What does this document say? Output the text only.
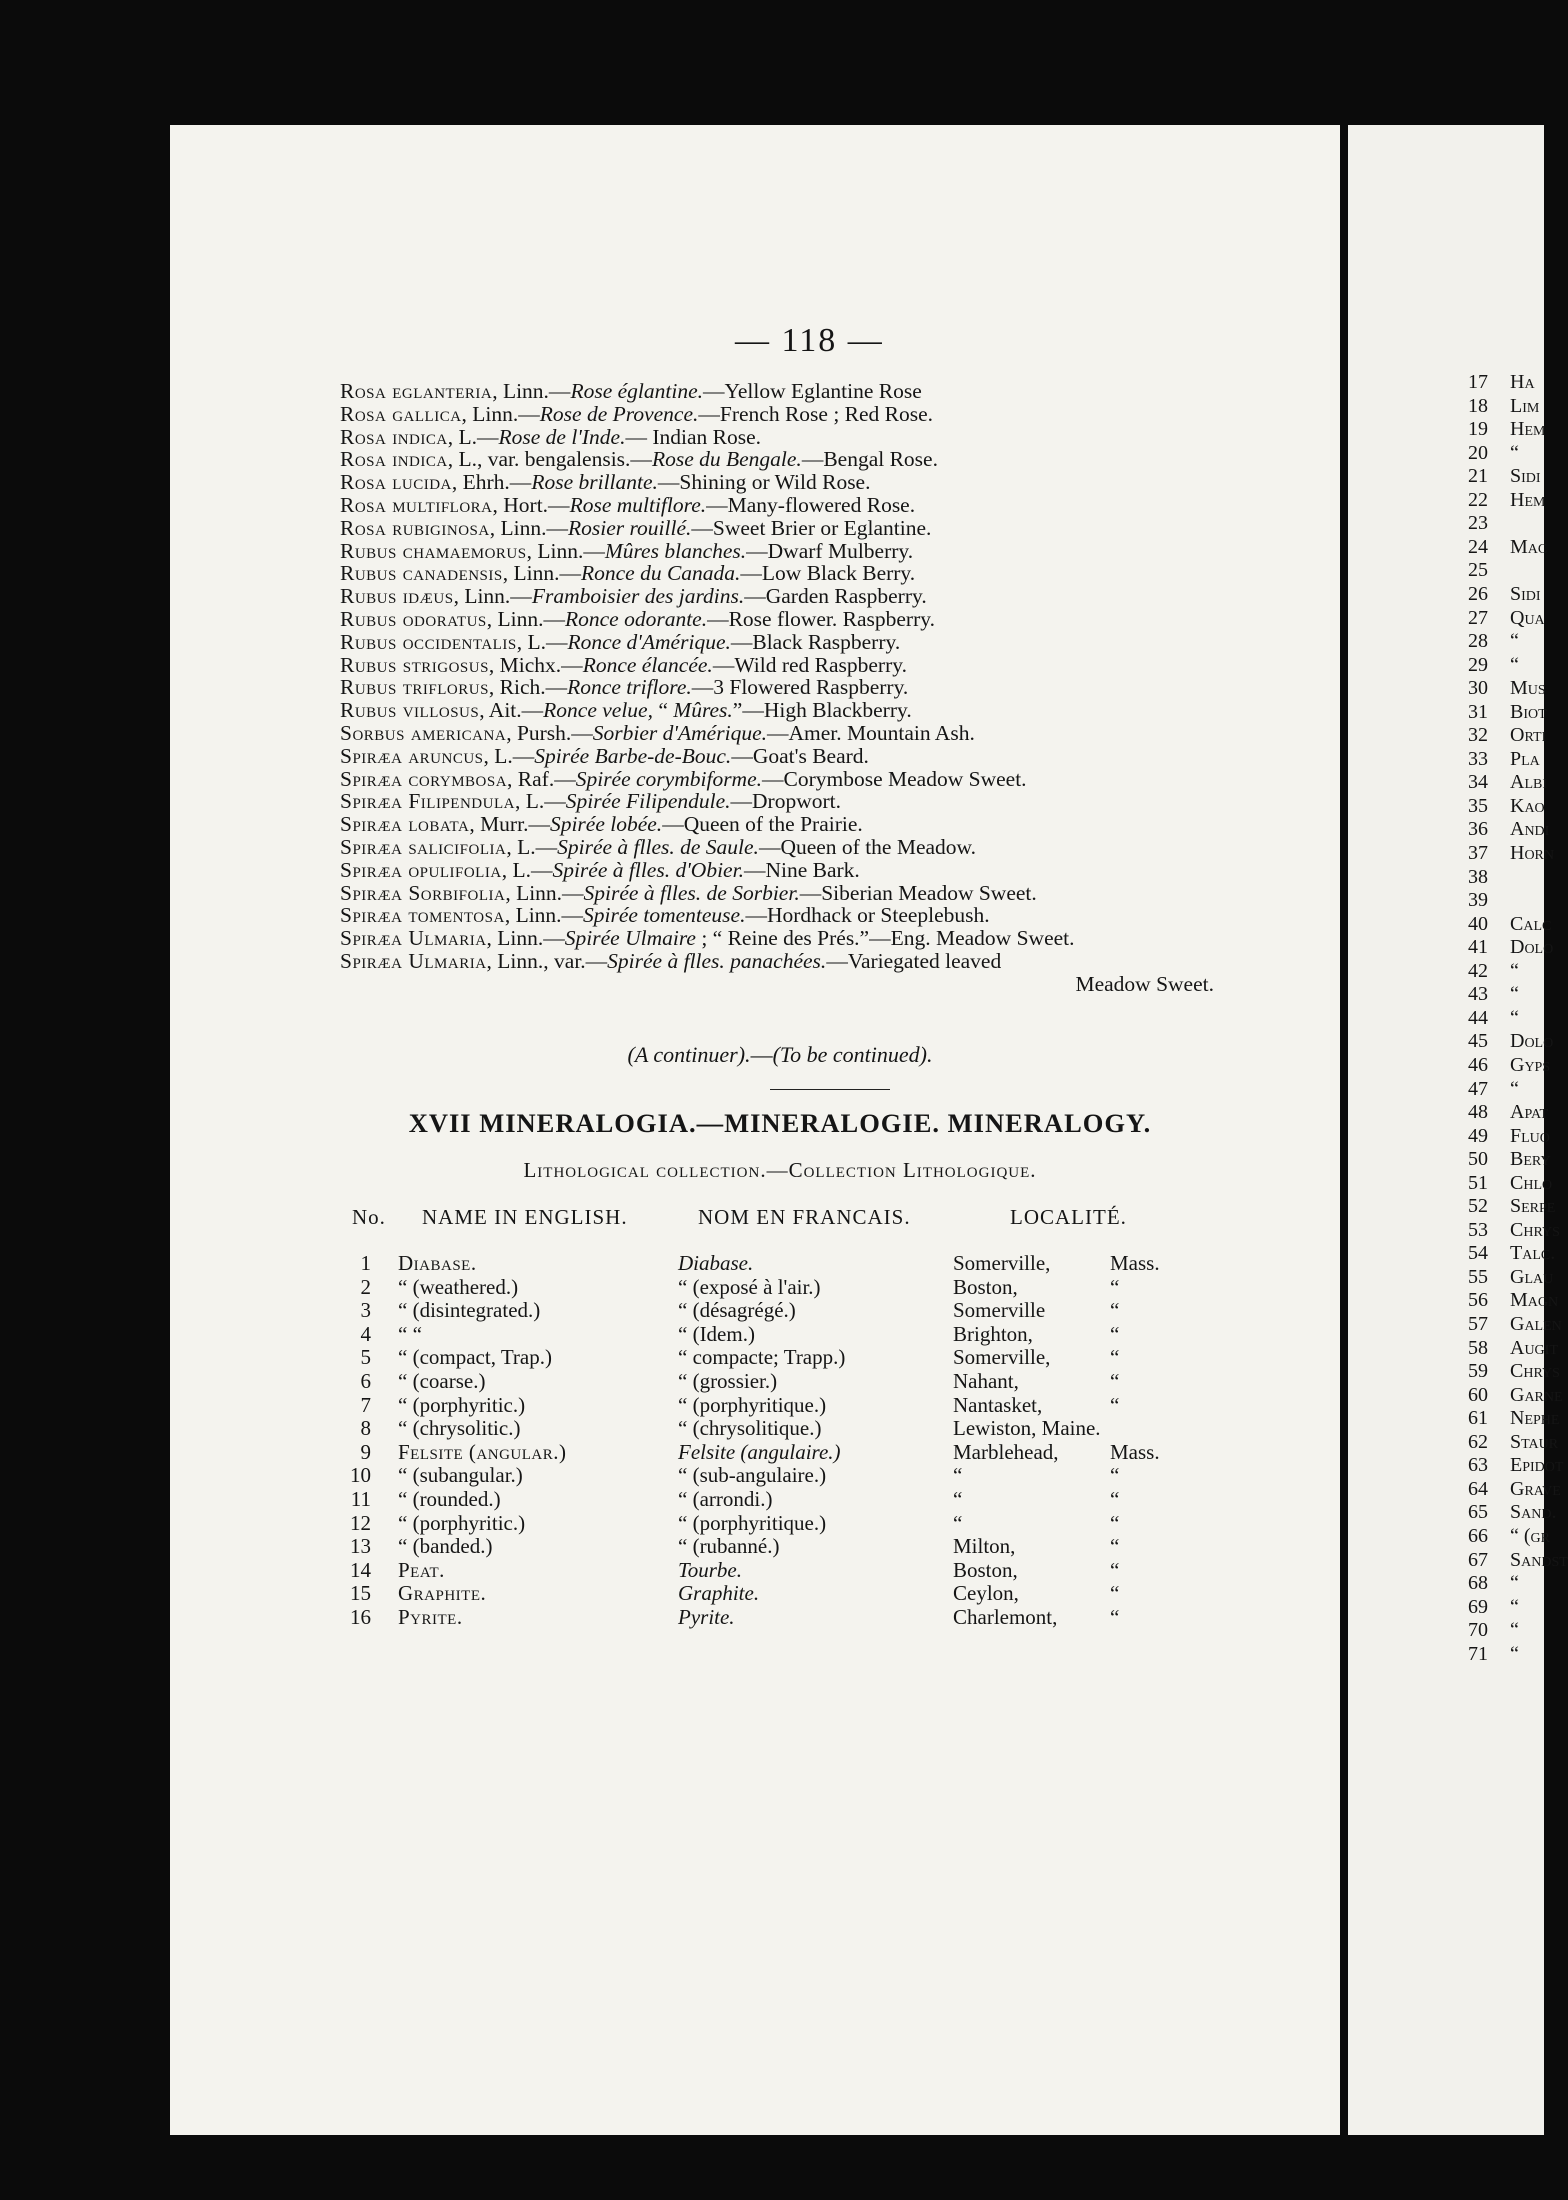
— 118 —
Rosa eglanteria, Linn.—Rose églantine.—Yellow Eglantine Rose
Rosa gallica, Linn.—Rose de Provence.—French Rose ; Red Rose.
Rosa indica, L.—Rose de l'Inde.— Indian Rose.
Rosa indica, L., var. bengalensis.—Rose du Bengale.—Bengal Rose.
Rosa lucida, Ehrh.—Rose brillante.—Shining or Wild Rose.
Rosa multiflora, Hort.—Rose multiflore.—Many-flowered Rose.
Rosa rubiginosa, Linn.—Rosier rouillé.—Sweet Brier or Eglantine.
Rubus chamaemorus, Linn.—Mûres blanches.—Dwarf Mulberry.
Rubus canadensis, Linn.—Ronce du Canada.—Low Black Berry.
Rubus idæus, Linn.—Framboisier des jardins.—Garden Raspberry.
Rubus odoratus, Linn.—Ronce odorante.—Rose flower. Raspberry.
Rubus occidentalis, L.—Ronce d'Amérique.—Black Raspberry.
Rubus strigosus, Michx.—Ronce élancée.—Wild red Raspberry.
Rubus triflorus, Rich.—Ronce triflore.—3 Flowered Raspberry.
Rubus villosus, Ait.—Ronce velue, “ Mûres.”—High Blackberry.
Sorbus americana, Pursh.—Sorbier d'Amérique.—Amer. Mountain Ash.
Spiræa aruncus, L.—Spirée Barbe-de-Bouc.—Goat's Beard.
Spiræa corymbosa, Raf.—Spirée corymbiforme.—Corymbose Meadow Sweet.
Spiræa Filipendula, L.—Spirée Filipendule.—Dropwort.
Spiræa lobata, Murr.—Spirée lobée.—Queen of the Prairie.
Spiræa salicifolia, L.—Spirée à flles. de Saule.—Queen of the Meadow.
Spiræa opulifolia, L.—Spirée à flles. d'Obier.—Nine Bark.
Spiræa Sorbifolia, Linn.—Spirée à flles. de Sorbier.—Siberian Meadow Sweet.
Spiræa tomentosa, Linn.—Spirée tomenteuse.—Hordhack or Steeplebush.
Spiræa Ulmaria, Linn.—Spirée Ulmaire ; “ Reine des Prés.”—Eng. Meadow Sweet.
Spiræa Ulmaria, Linn., var.—Spirée à flles. panachées.—Variegated leaved
Meadow Sweet.
(A continuer).—(To be continued).
XVII MINERALOGIA.—MINERALOGIE. MINERALOGY.
Lithological collection.—Collection Lithologique.
No. NAME IN ENGLISH.	NOM EN FRANCAIS.	LOCALITÉ.
1 Diabase.	Diabase.	Somerville,	Mass.
2 “ (weathered.)	“ (exposé à l'air.)	Boston,	“
3 “ (disintegrated.)	“ (désagrégé.)	Somerville	“
4 “ “	“ (Idem.)	Brighton,	“
5 “ (compact, Trap.)	“ compacte; Trapp.)	Somerville,	“
6 “ (coarse.)	“ (grossier.)	Nahant,	“
7 “ (porphyritic.)	“ (porphyritique.)	Nantasket,	“
8 “ (chrysolitic.)	“ (chrysolitique.)	Lewiston, Maine.
9 Felsite (angular.)	Felsite (angulaire.)	Marblehead, Mass.
10 “ (subangular.)	“ (sub-angulaire.)	“	“
11 “ (rounded.)	“ (arrondi.)	“	“
12 “ (porphyritic.)	“ (porphyritique.)	“	“
13 “ (banded.)	“ (rubanné.)	Milton,	“
14 Peat.	Tourbe.	Boston,	“
15 Graphite.	Graphite.	Ceylon,	“
16 Pyrite.	Pyrite.	Charlemont,	“
17 Ha
18 Lim
19 Hem
20 “
21 Sidi
22 Hem
23
24 Mac
25
26 Sidi
27 Qua
28 “
29 “
30 Mus
31 Biot
32 Orti
33 Pla
34 Albi
35 Kao
36 Andi
37 Horn
38
39
40 Calc
41 Dolo
42 “
43 “
44 “
45 Dolo
46 Gyps
47 “
48 Apat
49 Fluo
50 Bery
51 Chlo
52 Serpe
53 Chrys
54 Talc.
55 Glau
56 Magn
57 Galen
58 Augit
59 Chrys
60 Garne
61 Nephe
62 Staur
63 Epidot
64 Grave
65 Sand.
66 “ (gr
67 Sandst
68 “
69 “
70 “
71 “
